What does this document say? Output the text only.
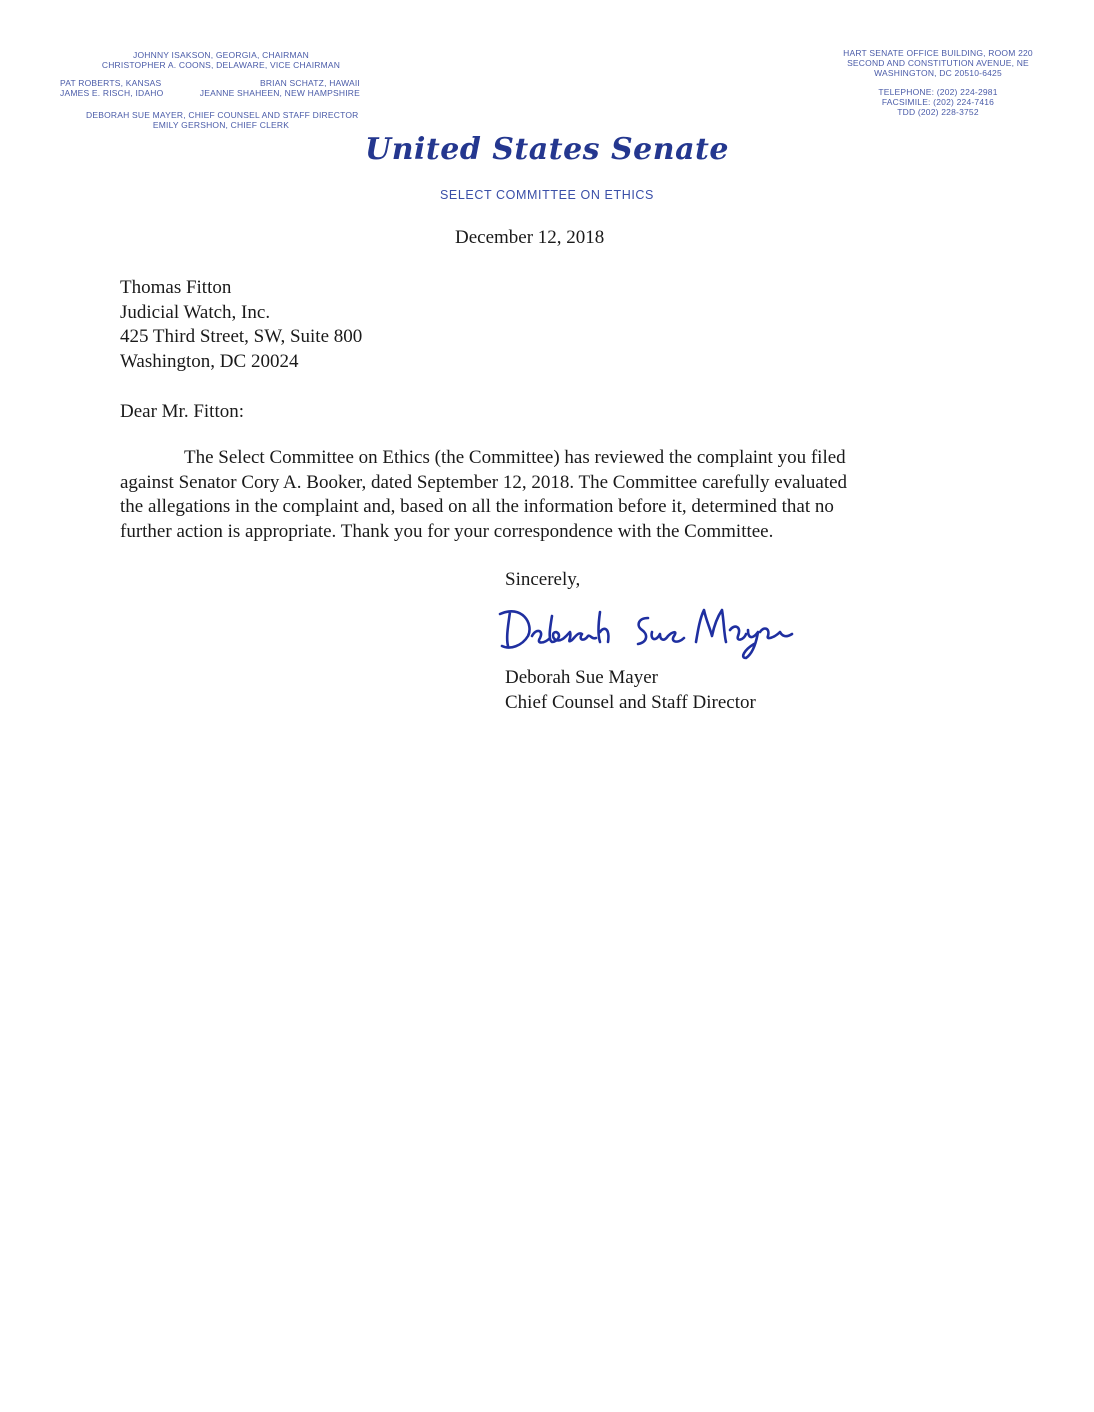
JOHNNY ISAKSON, GEORGIA, CHAIRMAN
CHRISTOPHER A. COONS, DELAWARE, VICE CHAIRMAN
PAT ROBERTS, KANSAS	BRIAN SCHATZ, HAWAII
JAMES E. RISCH, IDAHO	JEANNE SHAHEEN, NEW HAMPSHIRE
DEBORAH SUE MAYER, CHIEF COUNSEL AND STAFF DIRECTOR
EMILY GERSHON, CHIEF CLERK
HART SENATE OFFICE BUILDING, ROOM 220
SECOND AND CONSTITUTION AVENUE, NE
WASHINGTON, DC 20510-6425
TELEPHONE: (202) 224-2981
FACSIMILE: (202) 224-7416
TDD (202) 228-3752
United States Senate
SELECT COMMITTEE ON ETHICS
December 12, 2018
Thomas Fitton
Judicial Watch, Inc.
425 Third Street, SW, Suite 800
Washington, DC 20024
Dear Mr. Fitton:
The Select Committee on Ethics (the Committee) has reviewed the complaint you filed
against Senator Cory A. Booker, dated September 12, 2018. The Committee carefully evaluated
the allegations in the complaint and, based on all the information before it, determined that no
further action is appropriate. Thank you for your correspondence with the Committee.
Sincerely,
Deborah Sue Mayer
Chief Counsel and Staff Director
